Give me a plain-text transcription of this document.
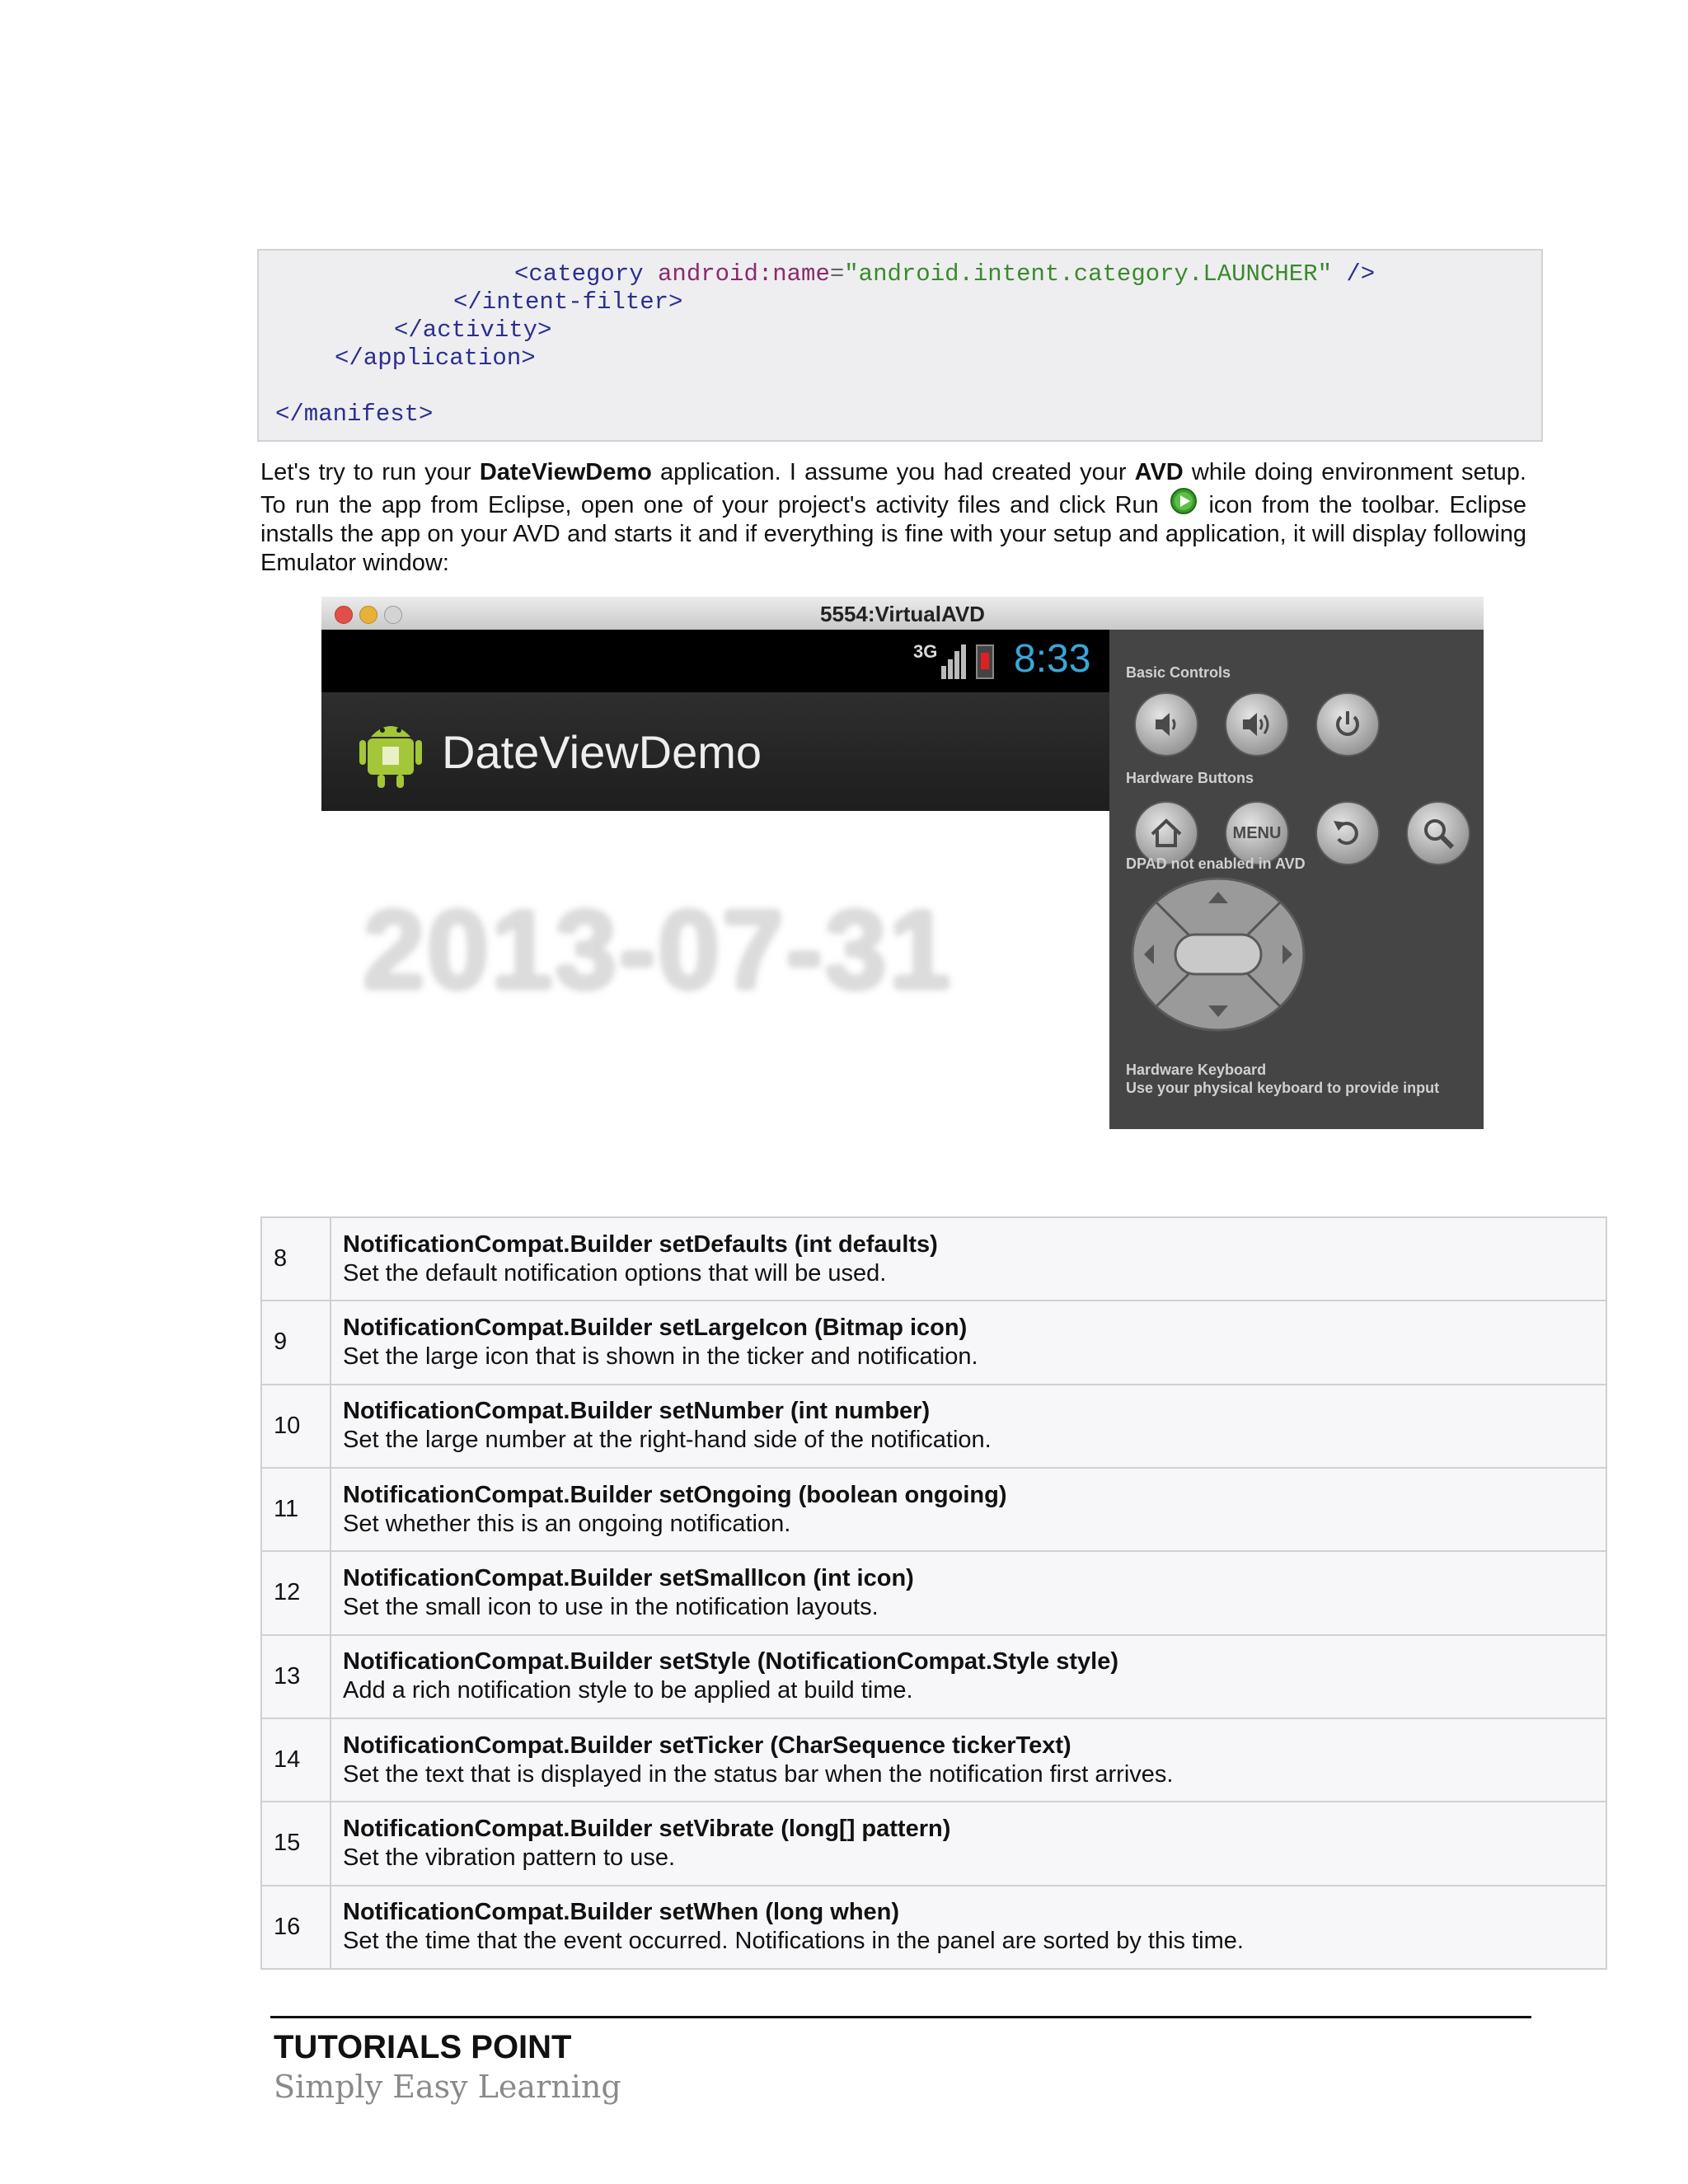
<category android:name="android.intent.category.LAUNCHER" />
</intent-filter>
</activity>
</application>
</manifest>
Let's try to run your DateViewDemo application. I assume you had created your AVD while doing environment setup. To run the app from Eclipse, open one of your project's activity files and click Run  icon from the toolbar. Eclipse installs the app on your AVD and starts it and if everything is fine with your setup and application, it will display following Emulator window:
5554:VirtualAVD
3G 8:33
DateViewDemo
2013-07-31
Basic Controls
Hardware Buttons
MENU
DPAD not enabled in AVD
Hardware Keyboard
Use your physical keyboard to provide input
8	NotificationCompat.Builder setDefaults (int defaults)
Set the default notification options that will be used.

9	NotificationCompat.Builder setLargeIcon (Bitmap icon)
Set the large icon that is shown in the ticker and notification.

10	NotificationCompat.Builder setNumber (int number)
Set the large number at the right-hand side of the notification.

11	NotificationCompat.Builder setOngoing (boolean ongoing)
Set whether this is an ongoing notification.

12	NotificationCompat.Builder setSmallIcon (int icon)
Set the small icon to use in the notification layouts.

13	NotificationCompat.Builder setStyle (NotificationCompat.Style style)
Add a rich notification style to be applied at build time.

14	NotificationCompat.Builder setTicker (CharSequence tickerText)
Set the text that is displayed in the status bar when the notification first arrives.

15	NotificationCompat.Builder setVibrate (long[] pattern)
Set the vibration pattern to use.

16	NotificationCompat.Builder setWhen (long when)
Set the time that the event occurred. Notifications in the panel are sorted by this time.
TUTORIALS POINT
Simply Easy Learning
